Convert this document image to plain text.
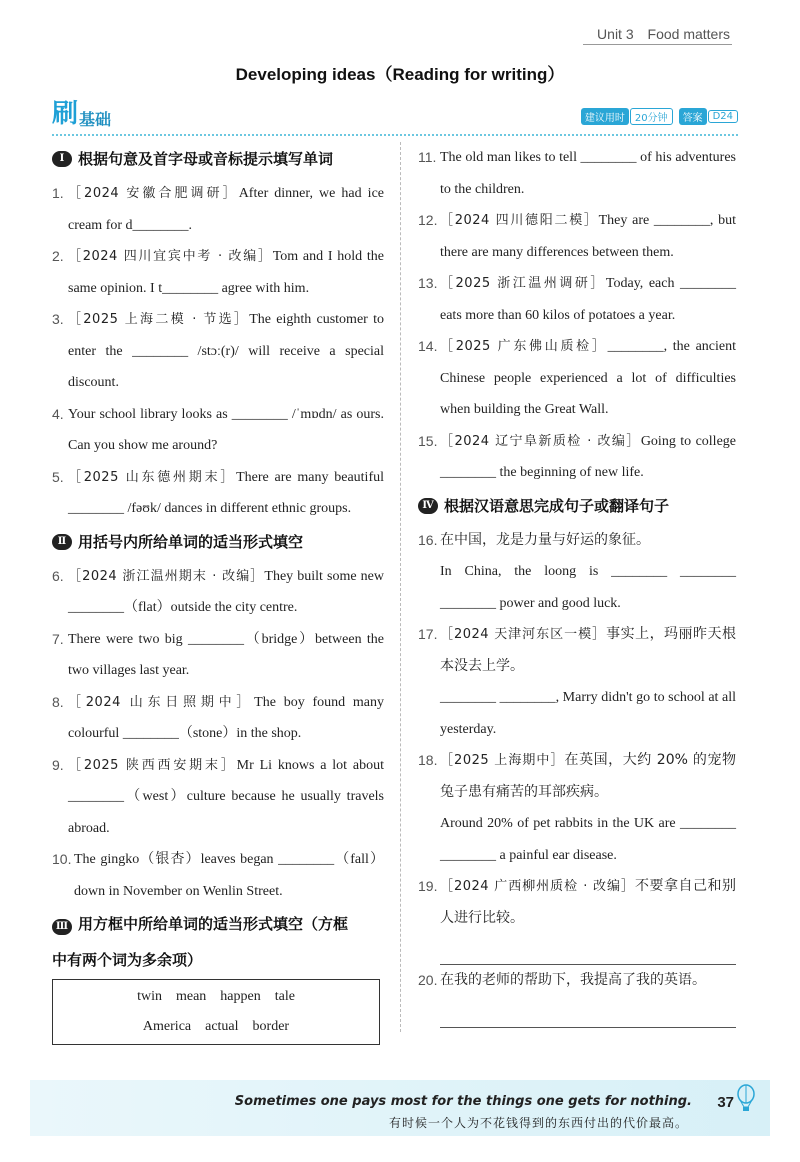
Unit 3 Food matters
Developing ideas（Reading for writing）
刷 基础	建议用时	20分钟	答案	D24
Ⅰ 根据句意及首字母或音标提示填写单词
1. ［2024 安徽合肥调研］After dinner, we had ice cream for d________.
2. ［2024 四川宜宾中考 · 改编］Tom and I hold the same opinion. I t________ agree with him.
3. ［2025 上海二模 · 节选］The eighth customer to enter the ________ /stɔː(r)/ will receive a special discount.
4. Your school library looks as ________ /ˈmɒdn/ as ours. Can you show me around?
5. ［2025 山东德州期末］There are many beautiful ________ /fəʊk/ dances in different ethnic groups.
Ⅱ 用括号内所给单词的适当形式填空
6. ［2024 浙江温州期末 · 改编］They built some new ________（flat）outside the city centre.
7. There were two big ________（bridge）between the two villages last year.
8. ［2024 山东日照期中］The boy found many colourful ________（stone）in the shop.
9. ［2025 陕西西安期末］Mr Li knows a lot about ________（west）culture because he usually travels abroad.
10. The gingko（银杏）leaves began ________（fall）down in November on Wenlin Street.
Ⅲ 用方框中所给单词的适当形式填空（方框
中有两个词为多余项）
twin    mean    happen    tale
America    actual    border
11. The old man likes to tell ________ of his adventures to the children.
12. ［2024 四川德阳二模］They are ________, but there are many differences between them.
13. ［2025 浙江温州调研］Today, each ________ eats more than 60 kilos of potatoes a year.
14. ［2025 广东佛山质检］________, the ancient Chinese people experienced a lot of difficulties when building the Great Wall.
15. ［2024 辽宁阜新质检 · 改编］Going to college ________ the beginning of new life.
Ⅳ 根据汉语意思完成句子或翻译句子
16. 在中国，龙是力量与好运的象征。
In China, the loong is ________ ________ ________ power and good luck.
17. ［2024 天津河东区一模］事实上，玛丽昨天根本没去上学。
________ ________, Marry didn't go to school at all yesterday.
18. ［2025 上海期中］在英国，大约 20% 的宠物兔子患有痛苦的耳部疾病。
Around 20% of pet rabbits in the UK are ________ ________ a painful ear disease.
19. ［2024 广西柳州质检 · 改编］不要拿自己和别人进行比较。
20. 在我的老师的帮助下，我提高了我的英语。
Sometimes one pays most for the things one gets for nothing.
有时候一个人为不花钱得到的东西付出的代价最高。
37
